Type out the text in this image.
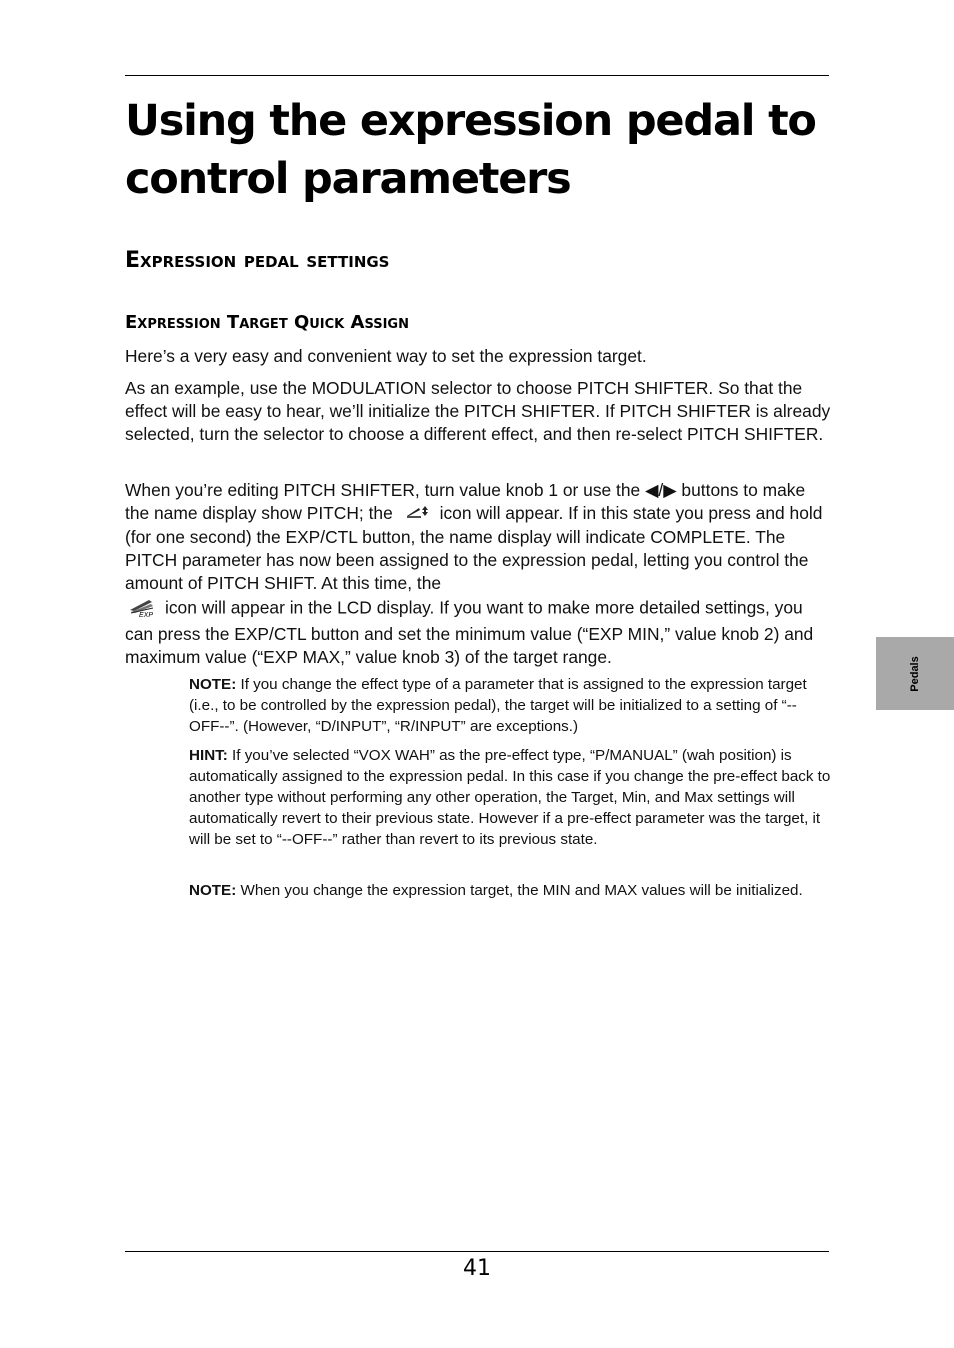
Using the expression pedal to control parameters
Expression pedal settings
Expression Target Quick Assign

Here’s a very easy and convenient way to set the expression target.

As an example, use the MODULATION selector to choose PITCH SHIFTER. So that the effect will be easy to hear, we’ll initialize the PITCH SHIFTER. If PITCH SHIFTER is already selected, turn the selector to choose a different effect, and then re-select PITCH SHIFTER.

When you’re editing PITCH SHIFTER, turn value knob 1 or use the ◀/▶ buttons to make the name display show PITCH; the	icon will appear. If in this state you press and hold (for one second) the EXP/CTL button, the name display will indicate COMPLETE. The PITCH parameter has now been assigned to the expression pedal, letting you control the amount of PITCH SHIFT. At this time, the

EXP icon will appear in the LCD display. If you want to make more detailed settings, you can press the EXP/CTL button and set the minimum value (“EXP MIN,” value knob 2) and maximum value (“EXP MAX,” value knob 3) of the target range.

NOTE: If you change the effect type of a parameter that is assigned to the expression target (i.e., to be controlled by the expression pedal), the target will be initialized to a setting of “--OFF--”. (However, “D/INPUT”, “R/INPUT” are exceptions.)

HINT: If you’ve selected “VOX WAH” as the pre-effect type, “P/MANUAL” (wah position) is automatically assigned to the expression pedal. In this case if you change the pre-effect back to another type without performing any other operation, the Target, Min, and Max settings will automatically revert to their previous state. However if a pre-effect parameter was the target, it will be set to “--OFF--” rather than revert to its previous state.

NOTE: When you change the expression target, the MIN and MAX values will be initialized.

Pedals
41
